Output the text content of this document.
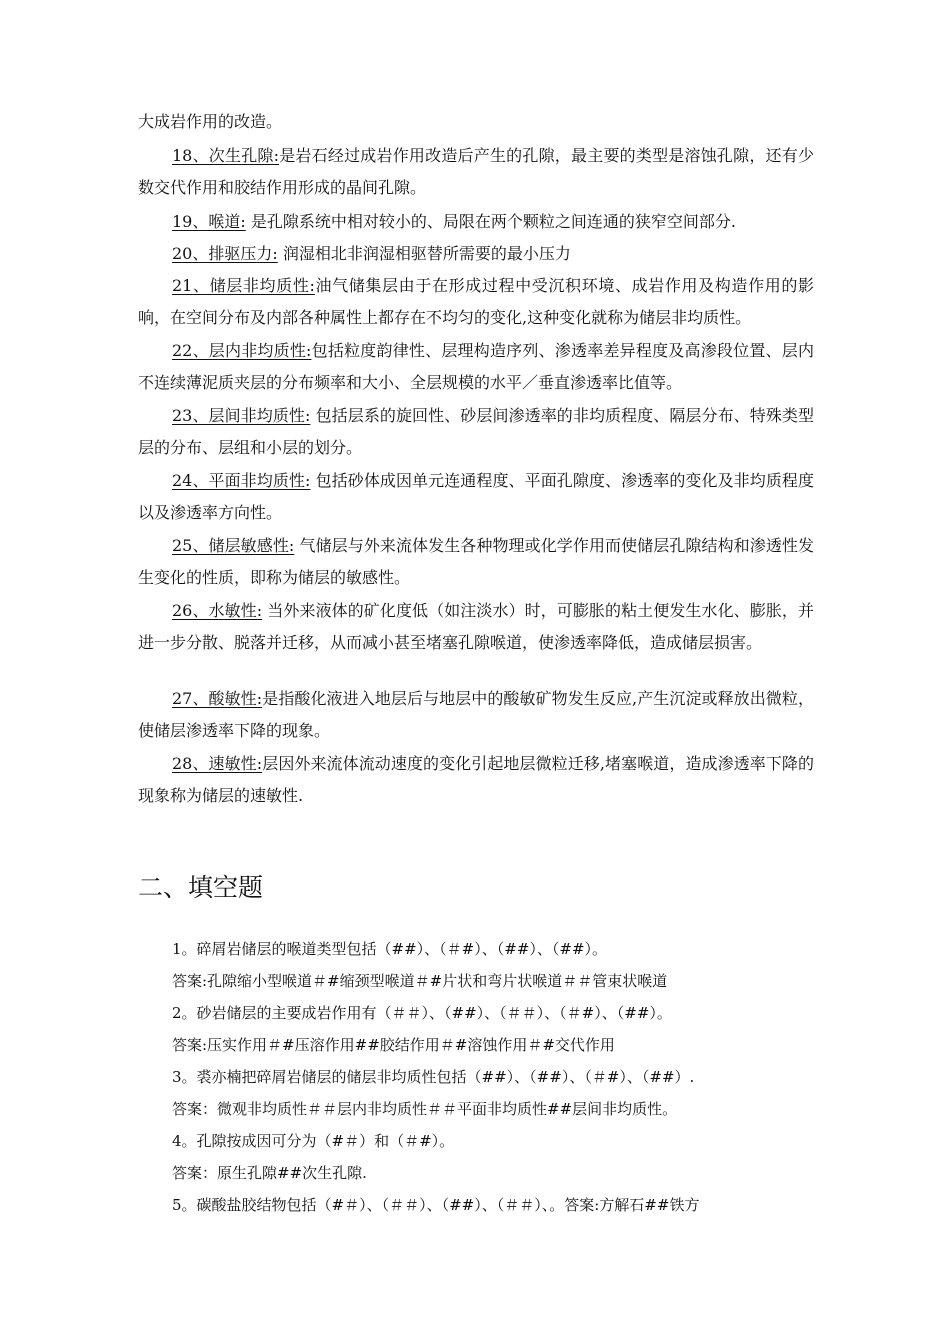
大成岩作用的改造。

18、次生孔隙:是岩石经过成岩作用改造后产生的孔隙，最主要的类型是溶蚀孔隙，还有少数交代作用和胶结作用形成的晶间孔隙。

19、喉道: 是孔隙系统中相对较小的、局限在两个颗粒之间连通的狭窄空间部分.

20、排驱压力: 润湿相北非润湿相驱替所需要的最小压力

21、储层非均质性:油气储集层由于在形成过程中受沉积环境、成岩作用及构造作用的影响，在空间分布及内部各种属性上都存在不均匀的变化,这种变化就称为储层非均质性。

22、层内非均质性:包括粒度韵律性、层理构造序列、渗透率差异程度及高渗段位置、层内不连续薄泥质夹层的分布频率和大小、全层规模的水平／垂直渗透率比值等。

23、层间非均质性: 包括层系的旋回性、砂层间渗透率的非均质程度、隔层分布、特殊类型层的分布、层组和小层的划分。

24、平面非均质性: 包括砂体成因单元连通程度、平面孔隙度、渗透率的变化及非均质程度以及渗透率方向性。

25、储层敏感性: 气储层与外来流体发生各种物理或化学作用而使储层孔隙结构和渗透性发生变化的性质，即称为储层的敏感性。

26、水敏性: 当外来液体的矿化度低（如注淡水）时，可膨胀的粘土便发生水化、膨胀，并进一步分散、脱落并迁移，从而减小甚至堵塞孔隙喉道，使渗透率降低，造成储层损害。

27、酸敏性:是指酸化液进入地层后与地层中的酸敏矿物发生反应,产生沉淀或释放出微粒，使储层渗透率下降的现象。

28、速敏性:层因外来流体流动速度的变化引起地层微粒迁移,堵塞喉道，造成渗透率下降的现象称为储层的速敏性.

二、填空题

1。碎屑岩储层的喉道类型包括（##）、（＃#）、（##）、（##）。

答案:孔隙缩小型喉道＃#缩颈型喉道＃#片状和弯片状喉道＃＃管束状喉道

2。砂岩储层的主要成岩作用有（＃＃）、（##）、（＃＃）、（＃#）、（##）。

答案:压实作用＃#压溶作用##胶结作用＃#溶蚀作用＃#交代作用

3。裘亦楠把碎屑岩储层的储层非均质性包括（##）、（##）、（＃#）、（##）.

答案：微观非均质性＃＃层内非均质性＃＃平面非均质性##层间非均质性。

4。孔隙按成因可分为（#＃）和（＃#）。

答案：原生孔隙##次生孔隙.

5。碳酸盐胶结物包括（#＃）、（＃＃）、（##）、（＃＃）、。答案:方解石##铁方
